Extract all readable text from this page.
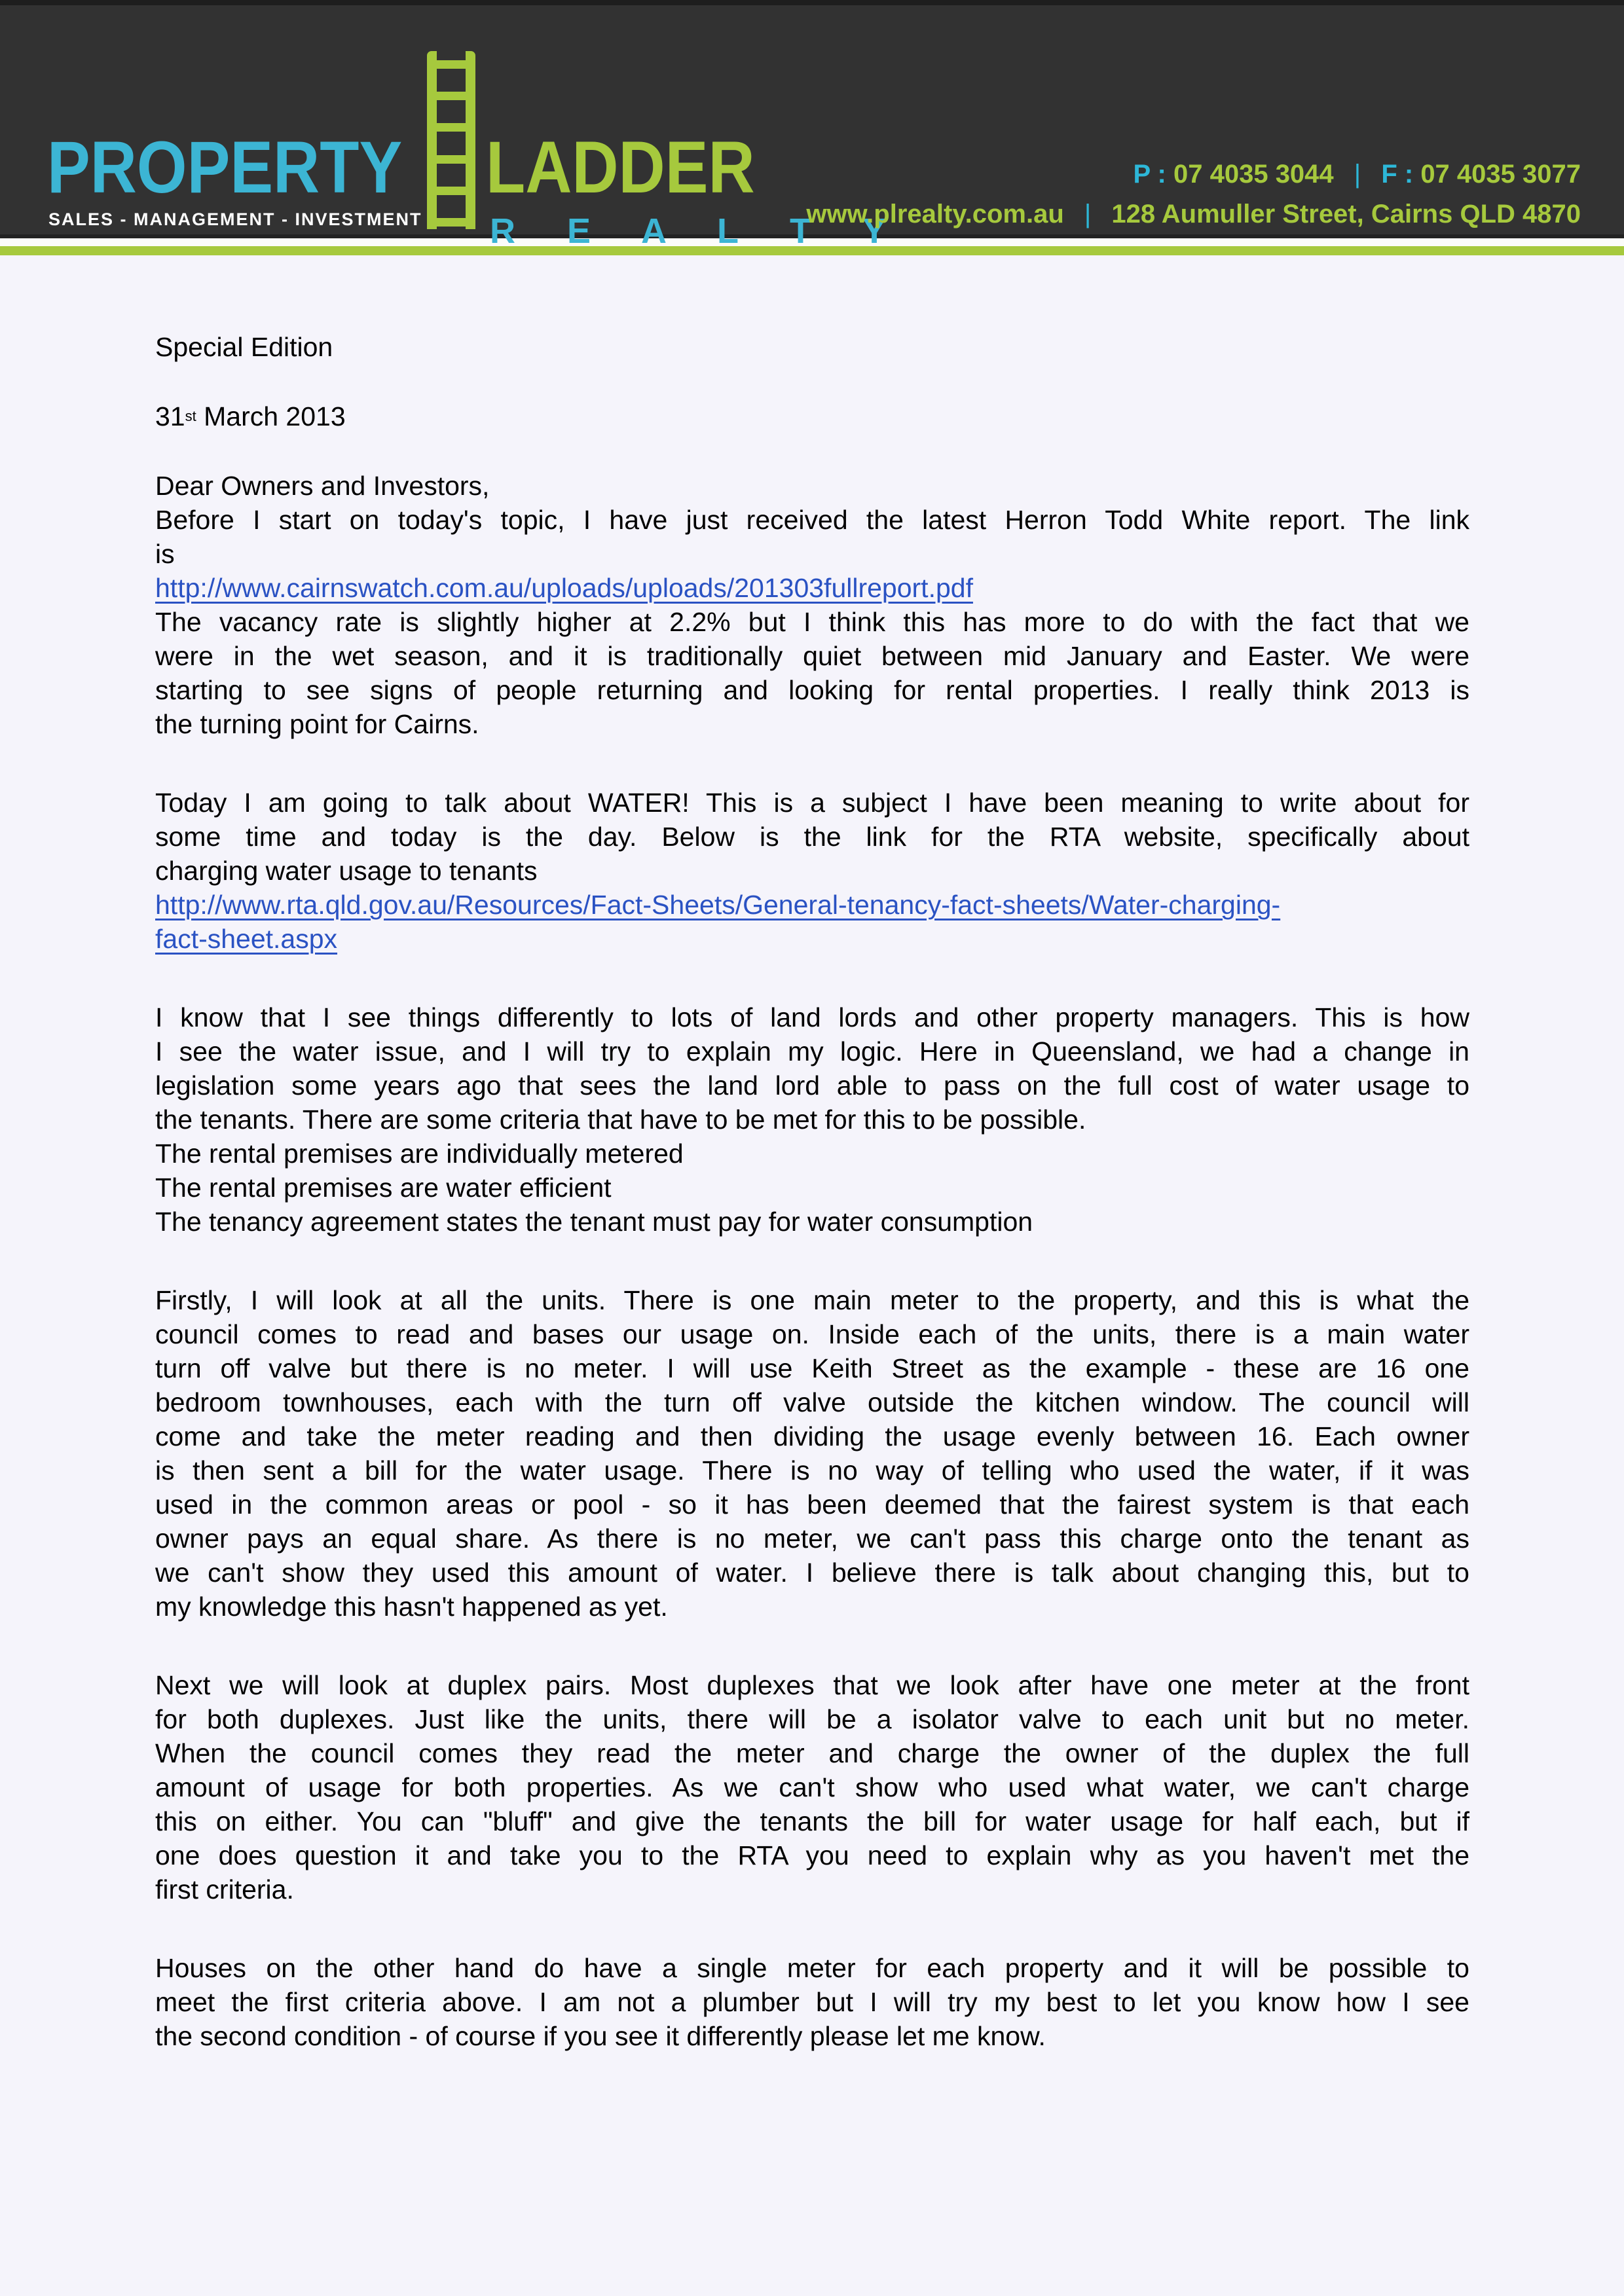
PROPERTY
SALES - MANAGEMENT - INVESTMENT
LADDER
R E A L T Y
P : 07 4035 3044 | F : 07 4035 3077
www.plrealty.com.au | 128 Aumuller Street, Cairns QLD 4870
Special Edition
31st March 2013
Dear Owners and Investors,
Before I start on today's topic, I have just received the latest Herron Todd White report. The link
is
http://www.cairnswatch.com.au/uploads/uploads/201303fullreport.pdf
The vacancy rate is slightly higher at 2.2% but I think this has more to do with the fact that we
were in the wet season, and it is traditionally quiet between mid January and Easter. We were
starting to see signs of people returning and looking for rental properties. I really think 2013 is
the turning point for Cairns.
Today I am going to talk about WATER! This is a subject I have been meaning to write about for
some time and today is the day. Below is the link for the RTA website, specifically about
charging water usage to tenants
http://www.rta.qld.gov.au/Resources/Fact-Sheets/General-tenancy-fact-sheets/Water-charging-
fact-sheet.aspx
I know that I see things differently to lots of land lords and other property managers. This is how
I see the water issue, and I will try to explain my logic. Here in Queensland, we had a change in
legislation some years ago that sees the land lord able to pass on the full cost of water usage to
the tenants. There are some criteria that have to be met for this to be possible.
The rental premises are individually metered
The rental premises are water efficient
The tenancy agreement states the tenant must pay for water consumption
Firstly, I will look at all the units. There is one main meter to the property, and this is what the
council comes to read and bases our usage on. Inside each of the units, there is a main water
turn off valve but there is no meter. I will use Keith Street as the example - these are 16 one
bedroom townhouses, each with the turn off valve outside the kitchen window. The council will
come and take the meter reading and then dividing the usage evenly between 16. Each owner
is then sent a bill for the water usage. There is no way of telling who used the water, if it was
used in the common areas or pool - so it has been deemed that the fairest system is that each
owner pays an equal share. As there is no meter, we can't pass this charge onto the tenant as
we can't show they used this amount of water. I believe there is talk about changing this, but to
my knowledge this hasn't happened as yet.
Next we will look at duplex pairs. Most duplexes that we look after have one meter at the front
for both duplexes. Just like the units, there will be a isolator valve to each unit but no meter.
When the council comes they read the meter and charge the owner of the duplex the full
amount of usage for both properties. As we can't show who used what water, we can't charge
this on either. You can "bluff" and give the tenants the bill for water usage for half each, but if
one does question it and take you to the RTA you need to explain why as you haven't met the
first criteria.
Houses on the other hand do have a single meter for each property and it will be possible to
meet the first criteria above. I am not a plumber but I will try my best to let you know how I see
the second condition - of course if you see it differently please let me know.
